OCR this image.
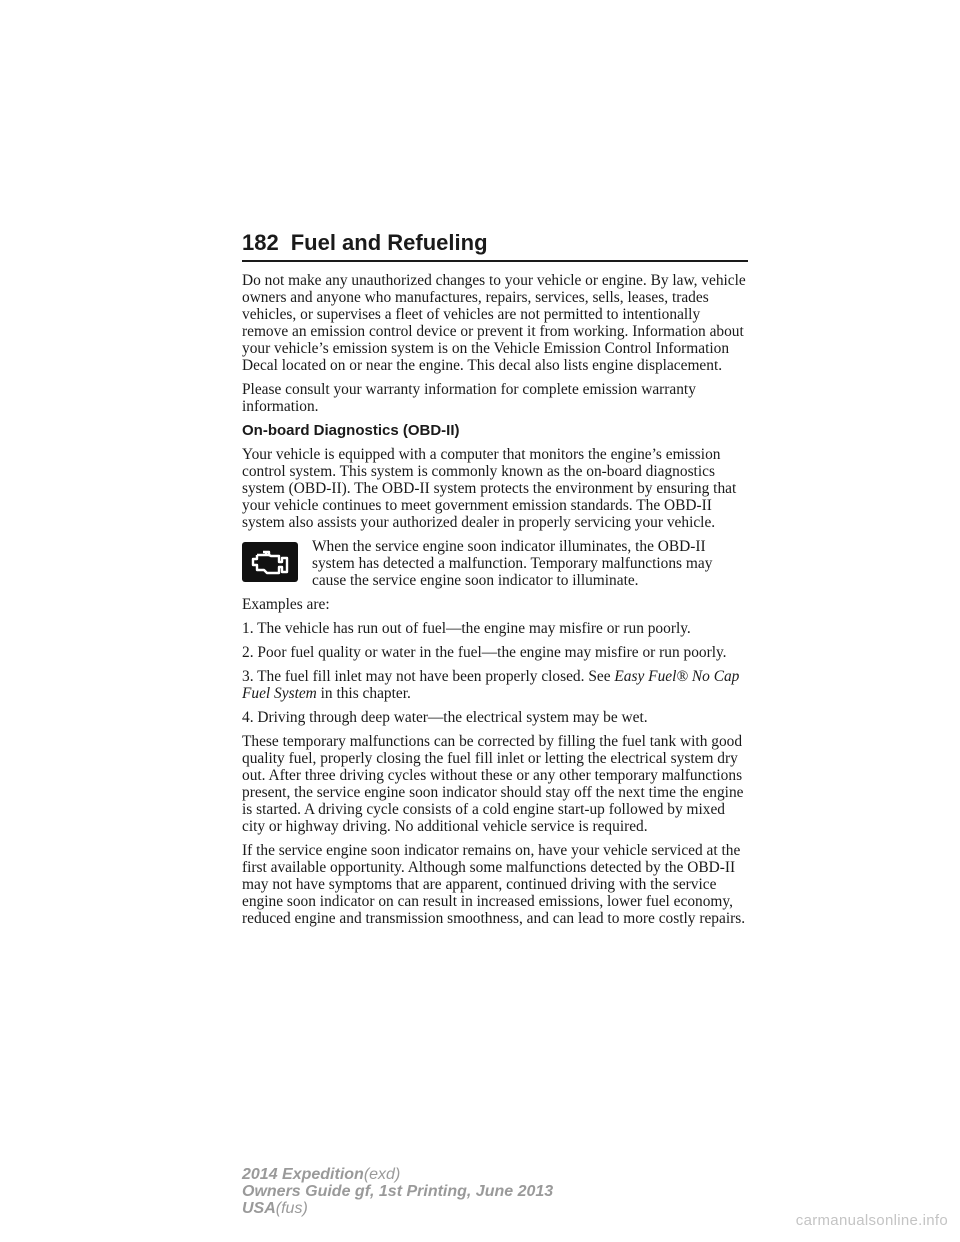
182 Fuel and Refueling

Do not make any unauthorized changes to your vehicle or engine. By law, vehicle owners and anyone who manufactures, repairs, services, sells, leases, trades vehicles, or supervises a fleet of vehicles are not permitted to intentionally remove an emission control device or prevent it from working. Information about your vehicle’s emission system is on the Vehicle Emission Control Information Decal located on or near the engine. This decal also lists engine displacement.

Please consult your warranty information for complete emission warranty information.

On-board Diagnostics (OBD-II)

Your vehicle is equipped with a computer that monitors the engine’s emission control system. This system is commonly known as the on-board diagnostics system (OBD-II). The OBD-II system protects the environment by ensuring that your vehicle continues to meet government emission standards. The OBD-II system also assists your authorized dealer in properly servicing your vehicle.

When the service engine soon indicator illuminates, the OBD-II system has detected a malfunction. Temporary malfunctions may cause the service engine soon indicator to illuminate.

Examples are:

1. The vehicle has run out of fuel—the engine may misfire or run poorly.

2. Poor fuel quality or water in the fuel—the engine may misfire or run poorly.

3. The fuel fill inlet may not have been properly closed. See Easy Fuel® No Cap Fuel System in this chapter.

4. Driving through deep water—the electrical system may be wet.

These temporary malfunctions can be corrected by filling the fuel tank with good quality fuel, properly closing the fuel fill inlet or letting the electrical system dry out. After three driving cycles without these or any other temporary malfunctions present, the service engine soon indicator should stay off the next time the engine is started. A driving cycle consists of a cold engine start-up followed by mixed city or highway driving. No additional vehicle service is required.

If the service engine soon indicator remains on, have your vehicle serviced at the first available opportunity. Although some malfunctions detected by the OBD-II may not have symptoms that are apparent, continued driving with the service engine soon indicator on can result in increased emissions, lower fuel economy, reduced engine and transmission smoothness, and can lead to more costly repairs.

2014 Expedition(exd)
Owners Guide gf, 1st Printing, June 2013
USA(fus)
carmanualsonline.info
